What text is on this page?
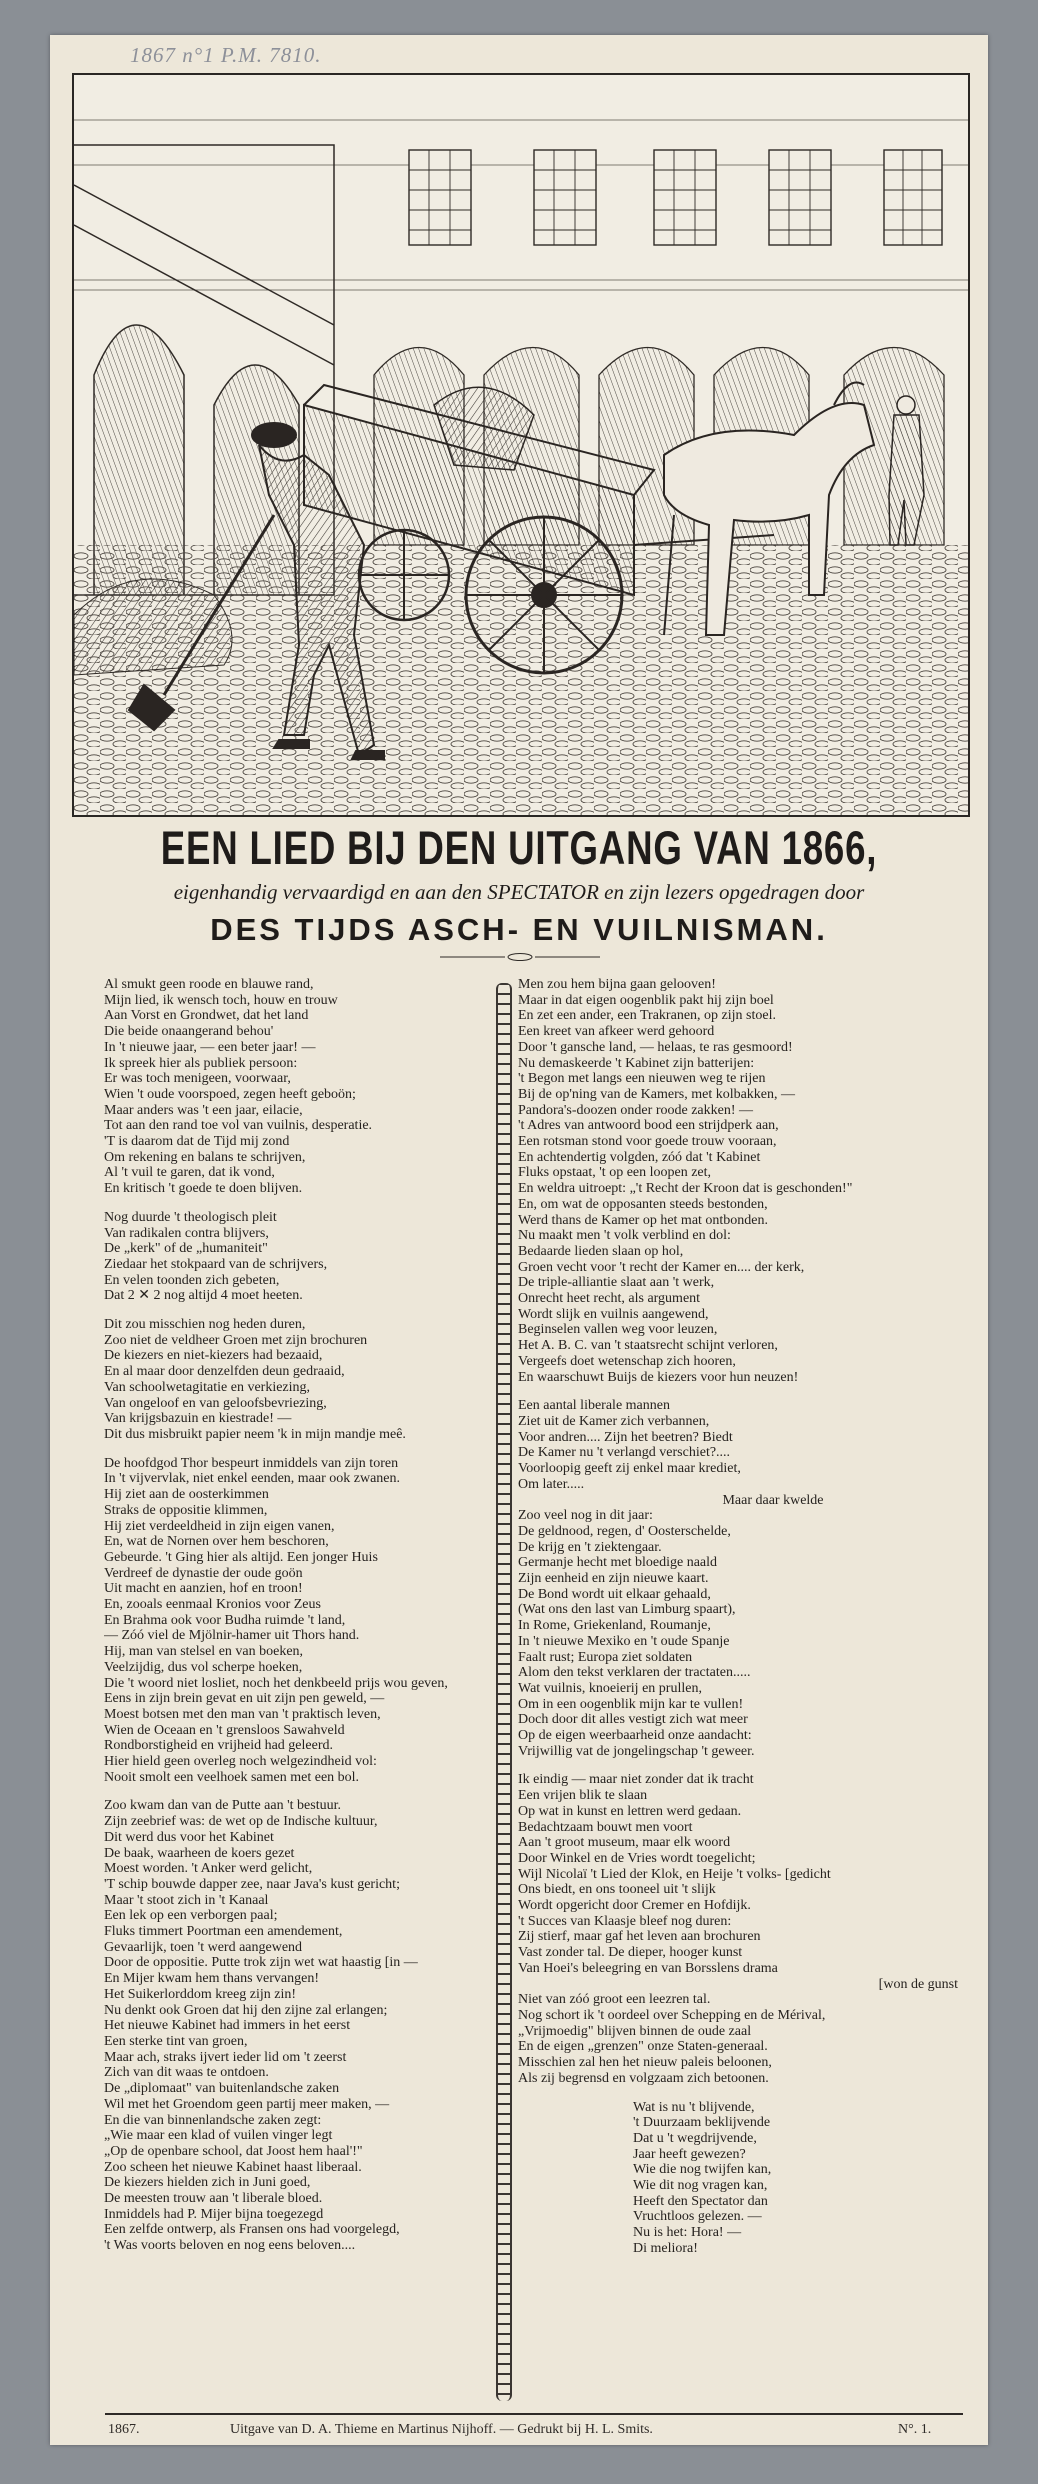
1867 n°1 P.M. 7810.
EEN LIED BIJ DEN UITGANG VAN 1866,
eigenhandig vervaardigd en aan den SPECTATOR en zijn lezers opgedragen door
DES TIJDS ASCH- EN VUILNISMAN.
Al smukt geen roode en blauwe rand,
Mijn lied, ik wensch toch, houw en trouw
Aan Vorst en Grondwet, dat het land
Die beide onaangerand behou'
In 't nieuwe jaar, — een beter jaar! —
Ik spreek hier als publiek persoon:
Er was toch menigeen, voorwaar,
Wien 't oude voorspoed, zegen heeft geboön;
Maar anders was 't een jaar, eilacie,
Tot aan den rand toe vol van vuilnis, desperatie.
'T is daarom dat de Tijd mij zond
Om rekening en balans te schrijven,
Al 't vuil te garen, dat ik vond,
En kritisch 't goede te doen blijven.
Nog duurde 't theologisch pleit
Van radikalen contra blijvers,
De „kerk" of de „humaniteit"
Ziedaar het stokpaard van de schrijvers,
En velen toonden zich gebeten,
Dat 2 ✕ 2 nog altijd 4 moet heeten.
Dit zou misschien nog heden duren,
Zoo niet de veldheer Groen met zijn brochuren
De kiezers en niet-kiezers had bezaaid,
En al maar door denzelfden deun gedraaid,
Van schoolwetagitatie en verkiezing,
Van ongeloof en van geloofsbevriezing,
Van krijgsbazuin en kiestrade! —
Dit dus misbruikt papier neem 'k in mijn mandje meê.
De hoofdgod Thor bespeurt inmiddels van zijn toren
In 't vijvervlak, niet enkel eenden, maar ook zwanen.
Hij ziet aan de oosterkimmen
Straks de oppositie klimmen,
Hij ziet verdeeldheid in zijn eigen vanen,
En, wat de Nornen over hem beschoren,
Gebeurde. 't Ging hier als altijd. Een jonger Huis
Verdreef de dynastie der oude goön
Uit macht en aanzien, hof en troon!
En, zooals eenmaal Kronios voor Zeus
En Brahma ook voor Budha ruimde 't land,
— Zóó viel de Mjölnir-hamer uit Thors hand.
Hij, man van stelsel en van boeken,
Veelzijdig, dus vol scherpe hoeken,
Die 't woord niet losliet, noch het denkbeeld prijs wou geven,
Eens in zijn brein gevat en uit zijn pen geweld, —
Moest botsen met den man van 't praktisch leven,
Wien de Oceaan en 't grensloos Sawahveld
Rondborstigheid en vrijheid had geleerd.
Hier hield geen overleg noch welgezindheid vol:
Nooit smolt een veelhoek samen met een bol.
Zoo kwam dan van de Putte aan 't bestuur.
Zijn zeebrief was: de wet op de Indische kultuur,
Dit werd dus voor het Kabinet
De baak, waarheen de koers gezet
Moest worden. 't Anker werd gelicht,
'T schip bouwde dapper zee, naar Java's kust gericht;
Maar 't stoot zich in 't Kanaal
Een lek op een verborgen paal;
Fluks timmert Poortman een amendement,
Gevaarlijk, toen 't werd aangewend
Door de oppositie. Putte trok zijn wet wat haastig [in —
En Mijer kwam hem thans vervangen!
Het Suikerlorddom kreeg zijn zin!
Nu denkt ook Groen dat hij den zijne zal erlangen;
Het nieuwe Kabinet had immers in het eerst
Een sterke tint van groen,
Maar ach, straks ijvert ieder lid om 't zeerst
Zich van dit waas te ontdoen.
De „diplomaat" van buitenlandsche zaken
Wil met het Groendom geen partij meer maken, —
En die van binnenlandsche zaken zegt:
„Wie maar een klad of vuilen vinger legt
„Op de openbare school, dat Joost hem haal'!"
Zoo scheen het nieuwe Kabinet haast liberaal.
De kiezers hielden zich in Juni goed,
De meesten trouw aan 't liberale bloed.
Inmiddels had P. Mijer bijna toegezegd
Een zelfde ontwerp, als Fransen ons had voorgelegd,
't Was voorts beloven en nog eens beloven....
Men zou hem bijna gaan gelooven!
Maar in dat eigen oogenblik pakt hij zijn boel
En zet een ander, een Trakranen, op zijn stoel.
Een kreet van afkeer werd gehoord
Door 't gansche land, — helaas, te ras gesmoord!
Nu demaskeerde 't Kabinet zijn batterijen:
't Begon met langs een nieuwen weg te rijen
Bij de op'ning van de Kamers, met kolbakken, —
Pandora's-doozen onder roode zakken! —
't Adres van antwoord bood een strijdperk aan,
Een rotsman stond voor goede trouw vooraan,
En achtendertig volgden, zóó dat 't Kabinet
Fluks opstaat, 't op een loopen zet,
En weldra uitroept: „'t Recht der Kroon dat is geschonden!"
En, om wat de opposanten steeds bestonden,
Werd thans de Kamer op het mat ontbonden.
Nu maakt men 't volk verblind en dol:
Bedaarde lieden slaan op hol,
Groen vecht voor 't recht der Kamer en.... der kerk,
De triple-alliantie slaat aan 't werk,
Onrecht heet recht, als argument
Wordt slijk en vuilnis aangewend,
Beginselen vallen weg voor leuzen,
Het A. B. C. van 't staatsrecht schijnt verloren,
Vergeefs doet wetenschap zich hooren,
En waarschuwt Buijs de kiezers voor hun neuzen!
Een aantal liberale mannen
Ziet uit de Kamer zich verbannen,
Voor andren.... Zijn het beetren? Biedt
De Kamer nu 't verlangd verschiet?....
Voorloopig geeft zij enkel maar krediet,
Om later.....
Maar daar kwelde
Zoo veel nog in dit jaar:
De geldnood, regen, d' Oosterschelde,
De krijg en 't ziektengaar.
Germanje hecht met bloedige naald
Zijn eenheid en zijn nieuwe kaart.
De Bond wordt uit elkaar gehaald,
(Wat ons den last van Limburg spaart),
In Rome, Griekenland, Roumanje,
In 't nieuwe Mexiko en 't oude Spanje
Faalt rust; Europa ziet soldaten
Alom den tekst verklaren der tractaten.....
Wat vuilnis, knoeierij en prullen,
Om in een oogenblik mijn kar te vullen!
Doch door dit alles vestigt zich wat meer
Op de eigen weerbaarheid onze aandacht:
Vrijwillig vat de jongelingschap 't geweer.
Ik eindig — maar niet zonder dat ik tracht
Een vrijen blik te slaan
Op wat in kunst en lettren werd gedaan.
Bedachtzaam bouwt men voort
Aan 't groot museum, maar elk woord
Door Winkel en de Vries wordt toegelicht;
Wijl Nicolaï 't Lied der Klok, en Heije 't volks- [gedicht
Ons biedt, en ons tooneel uit 't slijk
Wordt opgericht door Cremer en Hofdijk.
't Succes van Klaasje bleef nog duren:
Zij stierf, maar gaf het leven aan brochuren
Vast zonder tal. De dieper, hooger kunst
Van Hoei's beleegring en van Borsslens drama
[won de gunst
Niet van zóó groot een leezren tal.
Nog schort ik 't oordeel over Schepping en de Mérival,
„Vrijmoedig" blijven binnen de oude zaal
En de eigen „grenzen" onze Staten-generaal.
Misschien zal hen het nieuw paleis beloonen,
Als zij begrensd en volgzaam zich betoonen.
Wat is nu 't blijvende,
't Duurzaam beklijvende
Dat u 't wegdrijvende,
Jaar heeft gewezen?
Wie die nog twijfen kan,
Wie dit nog vragen kan,
Heeft den Spectator dan
Vruchtloos gelezen. —
Nu is het: Hora! —
Di meliora!
1867.	Uitgave van D. A. Thieme en Martinus Nijhoff. — Gedrukt bij H. L. Smits.	N°. 1.
